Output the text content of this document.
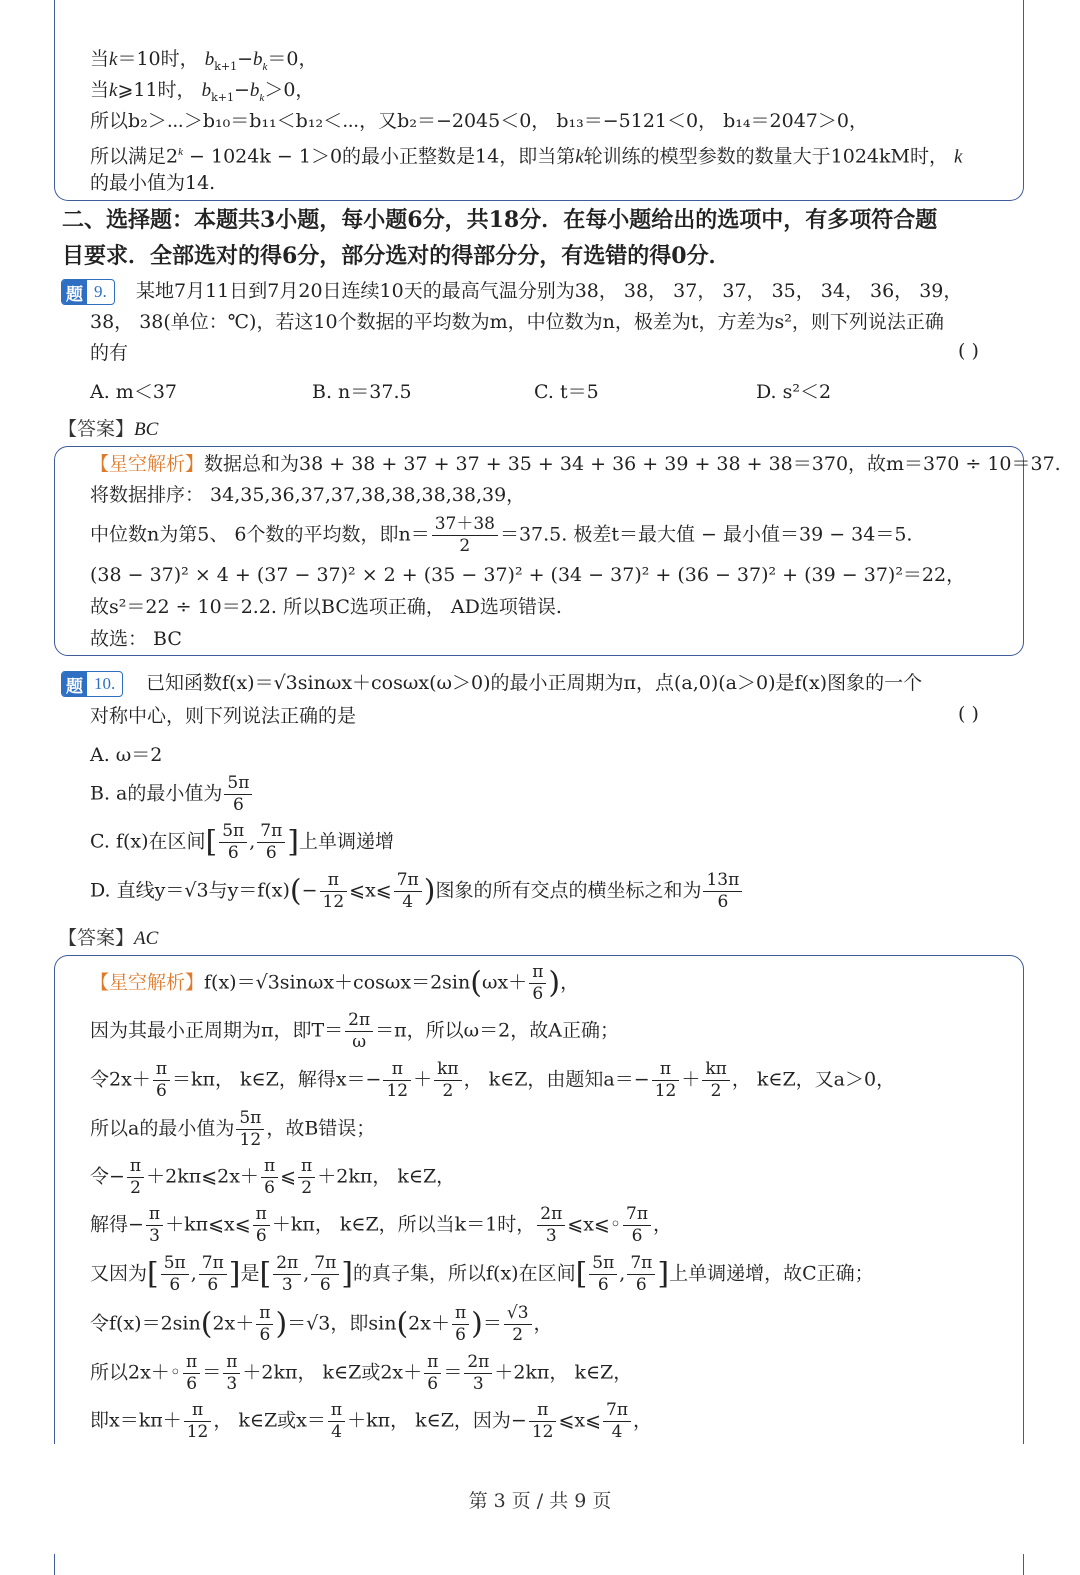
当k＝10时， $b_{k+1}-b_k=0$，
当k⩾11时， $b_{k+1}-b_k>0$，
所以b₂＞⋯＞b₁₀＝b₁₁＜b₁₂＜⋯，又b₂＝−2045＜0， b₁₃＝−5121＜0， b₁₄＝2047＞0，
所以满足$2^k - 1024k - 1>0$的最小正整数是14，即当第k轮训练的模型参数的数量大于1024kM时， k
的最小值为14.
二、选择题：本题共3小题，每小题6分，共18分．在每小题给出的选项中，有多项符合题
目要求．全部选对的得6分，部分选对的得部分分，有选错的得0分．
题 9.	某地7月11日到7月20日连续10天的最高气温分别为38， 38， 37， 37， 35， 34， 36， 39，
38， 38(单位：℃)，若这10个数据的平均数为m，中位数为n，极差为t，方差为s²，则下列说法正确
的有	( )
A. m＜37	B. n＝37.5	C. t＝5	D. s²＜2
【答案】BC
【星空解析】数据总和为38 + 38 + 37 + 37 + 35 + 34 + 36 + 39 + 38 + 38＝370，故m＝370 ÷ 10＝37.
将数据排序： 34,35,36,37,37,38,38,38,38,39，
中位数n为第5、 6个数的平均数，即$n= \frac{37+38}{2} =37.5$. 极差t＝最大值 − 最小值＝39 − 34＝5.
(38 − 37)² × 4 + (37 − 37)² × 2 + (35 − 37)² + (34 − 37)² + (36 − 37)² + (39 − 37)²＝22，
故s²＝22 ÷ 10＝2.2. 所以BC选项正确， AD选项错误.
故选： BC
题 10.	已知函数f(x)＝√3sinωx＋cosωx(ω＞0)的最小正周期为π，点(a,0)(a＞0)是f(x)图象的一个
对称中心，则下列说法正确的是	( )
A. ω＝2
B. a的最小值为 $\frac{5\pi}{6}$
C. f(x)在区间[ $\frac{5\pi}{6}$ , $\frac{7\pi}{6}$ ]上单调递增
D. 直线y＝√3与$y=f(x)(- \frac{\pi}{12}$ ⩽x⩽ $\frac{7\pi}{4}$ )图象的所有交点的横坐标之和为 $\frac{13\pi}{6}$
【答案】AC
【星空解析】$f(x)=√3\sin\omega x+\cos\omega x=2\sin(\omega x+ \frac{\pi}{6}$ )，
因为其最小正周期为π，即$T= \frac{2\pi}{\omega} =\pi$，所以ω＝2，故A正确；
令$2x+ \frac{\pi}{6} =k\pi$， k∈Z，解得$x=- \frac{\pi}{12} + \frac{k\pi}{2}$ ， k∈Z，由题知$a=- \frac{\pi}{12} + \frac{k\pi}{2}$ ， k∈Z，又a＞0，
所以a的最小值为 $\frac{5\pi}{12}$ ，故B错误；
令− $\frac{\pi}{2}$ ＋2kπ⩽2x＋ $\frac{\pi}{6}$ ⩽ $\frac{\pi}{2} +2k\pi$， k∈Z，
解得− $\frac{\pi}{3}$ ＋kπ⩽x⩽ $\frac{\pi}{6} +k\pi$， k∈Z，所以当k＝1时， $\frac{2\pi}{3}$ ⩽x⩽◦ $\frac{7\pi}{6}$ ，
又因为[ $\frac{5\pi}{6}$ , $\frac{7\pi}{6}$ ]是[ $\frac{2\pi}{3}$ , $\frac{7\pi}{6}$ ]的真子集，所以f(x)在区间[ $\frac{5\pi}{6}$ , $\frac{7\pi}{6}$ ]上单调递增，故C正确；
令$f(x)=2\sin(2x+ \frac{\pi}{6} )=√3$，即$\sin(2x+ \frac{\pi}{6}$ )＝ $\frac{√3}{2}$ ，
所以2x＋◦ $\frac{\pi}{6} = \frac{\pi}{3} +2k\pi$， k∈Z或$2x+ \frac{\pi}{6} = \frac{2\pi}{3} +2k\pi$， k∈Z，
即$x=k\pi+ \frac{\pi}{12}$ ， k∈Z或$x= \frac{\pi}{4} +k\pi$， k∈Z，因为− $\frac{\pi}{12}$ ⩽x⩽ $\frac{7\pi}{4}$ ，
第 3 页 / 共 9 页
